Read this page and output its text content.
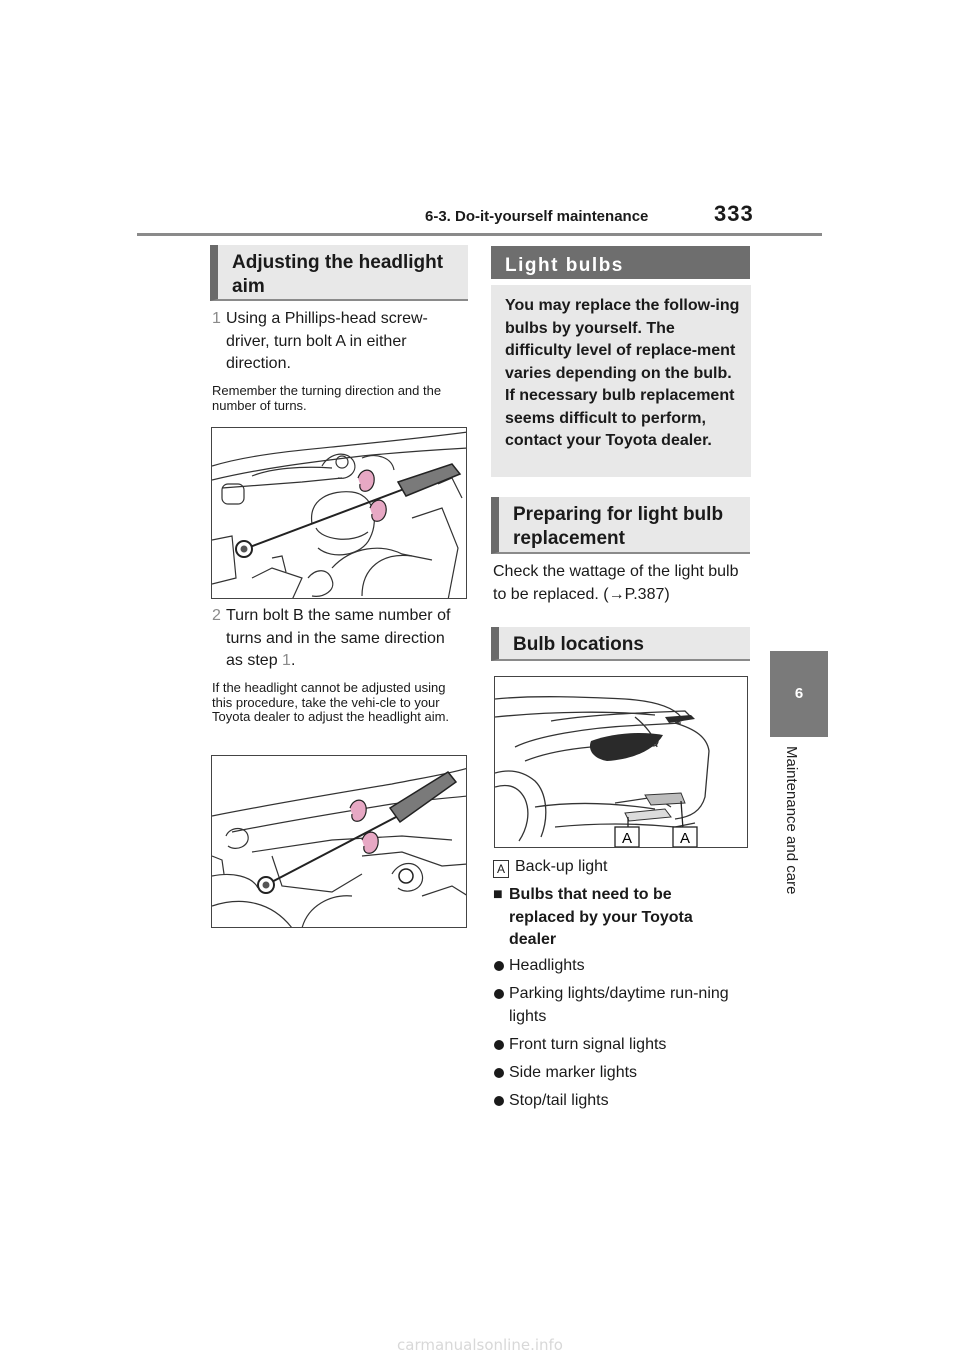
6-3. Do-it-yourself maintenance	333
6
Maintenance and care
Adjusting the headlight aim
1 Using a Phillips-head screw-driver, turn bolt A in either direction.
Remember the turning direction and the number of turns.
2 Turn bolt B the same number of turns and in the same direction as step 1.
If the headlight cannot be adjusted using this procedure, take the vehi-cle to your Toyota dealer to adjust the headlight aim.
Light bulbs
You may replace the follow-ing bulbs by yourself. The difficulty level of replace-ment varies depending on the bulb. If necessary bulb replacement seems difficult to perform, contact your Toyota dealer.
Preparing for light bulb replacement
Check the wattage of the light bulb to be replaced. (→P.387)
Bulb locations
A	A
A Back-up light
■ Bulbs that need to be replaced by your Toyota dealer
Headlights
Parking lights/daytime run-ning lights
Front turn signal lights
Side marker lights
Stop/tail lights
carmanualsonline.info
